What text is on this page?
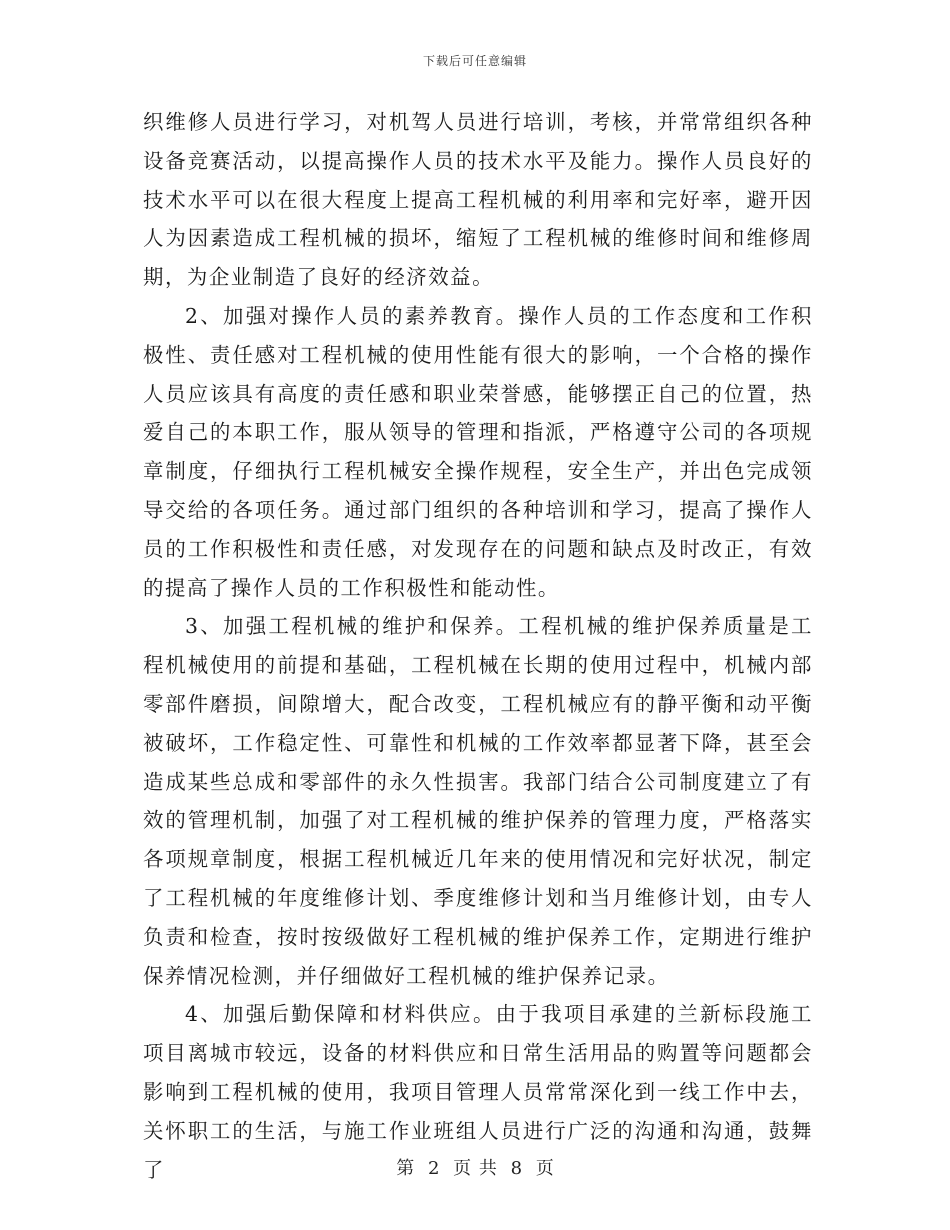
下载后可任意编辑

织维修人员进行学习，对机驾人员进行培训，考核，并常常组织各种设备竞赛活动，以提高操作人员的技术水平及能力。操作人员良好的技术水平可以在很大程度上提高工程机械的利用率和完好率，避开因人为因素造成工程机械的损坏，缩短了工程机械的维修时间和维修周期，为企业制造了良好的经济效益。

2、加强对操作人员的素养教育。操作人员的工作态度和工作积极性、责任感对工程机械的使用性能有很大的影响，一个合格的操作人员应该具有高度的责任感和职业荣誉感，能够摆正自己的位置，热爱自己的本职工作，服从领导的管理和指派，严格遵守公司的各项规章制度，仔细执行工程机械安全操作规程，安全生产，并出色完成领导交给的各项任务。通过部门组织的各种培训和学习，提高了操作人员的工作积极性和责任感，对发现存在的问题和缺点及时改正，有效的提高了操作人员的工作积极性和能动性。

3、加强工程机械的维护和保养。工程机械的维护保养质量是工程机械使用的前提和基础，工程机械在长期的使用过程中，机械内部零部件磨损，间隙增大，配合改变，工程机械应有的静平衡和动平衡被破坏，工作稳定性、可靠性和机械的工作效率都显著下降，甚至会造成某些总成和零部件的永久性损害。我部门结合公司制度建立了有效的管理机制，加强了对工程机械的维护保养的管理力度，严格落实各项规章制度，根据工程机械近几年来的使用情况和完好状况，制定了工程机械的年度维修计划、季度维修计划和当月维修计划，由专人负责和检查，按时按级做好工程机械的维护保养工作，定期进行维护保养情况检测，并仔细做好工程机械的维护保养记录。

4、加强后勤保障和材料供应。由于我项目承建的兰新标段施工项目离城市较远，设备的材料供应和日常生活用品的购置等问题都会影响到工程机械的使用，我项目管理人员常常深化到一线工作中去，关怀职工的生活，与施工作业班组人员进行广泛的沟通和沟通，鼓舞了	第 2 页 共 8 页
